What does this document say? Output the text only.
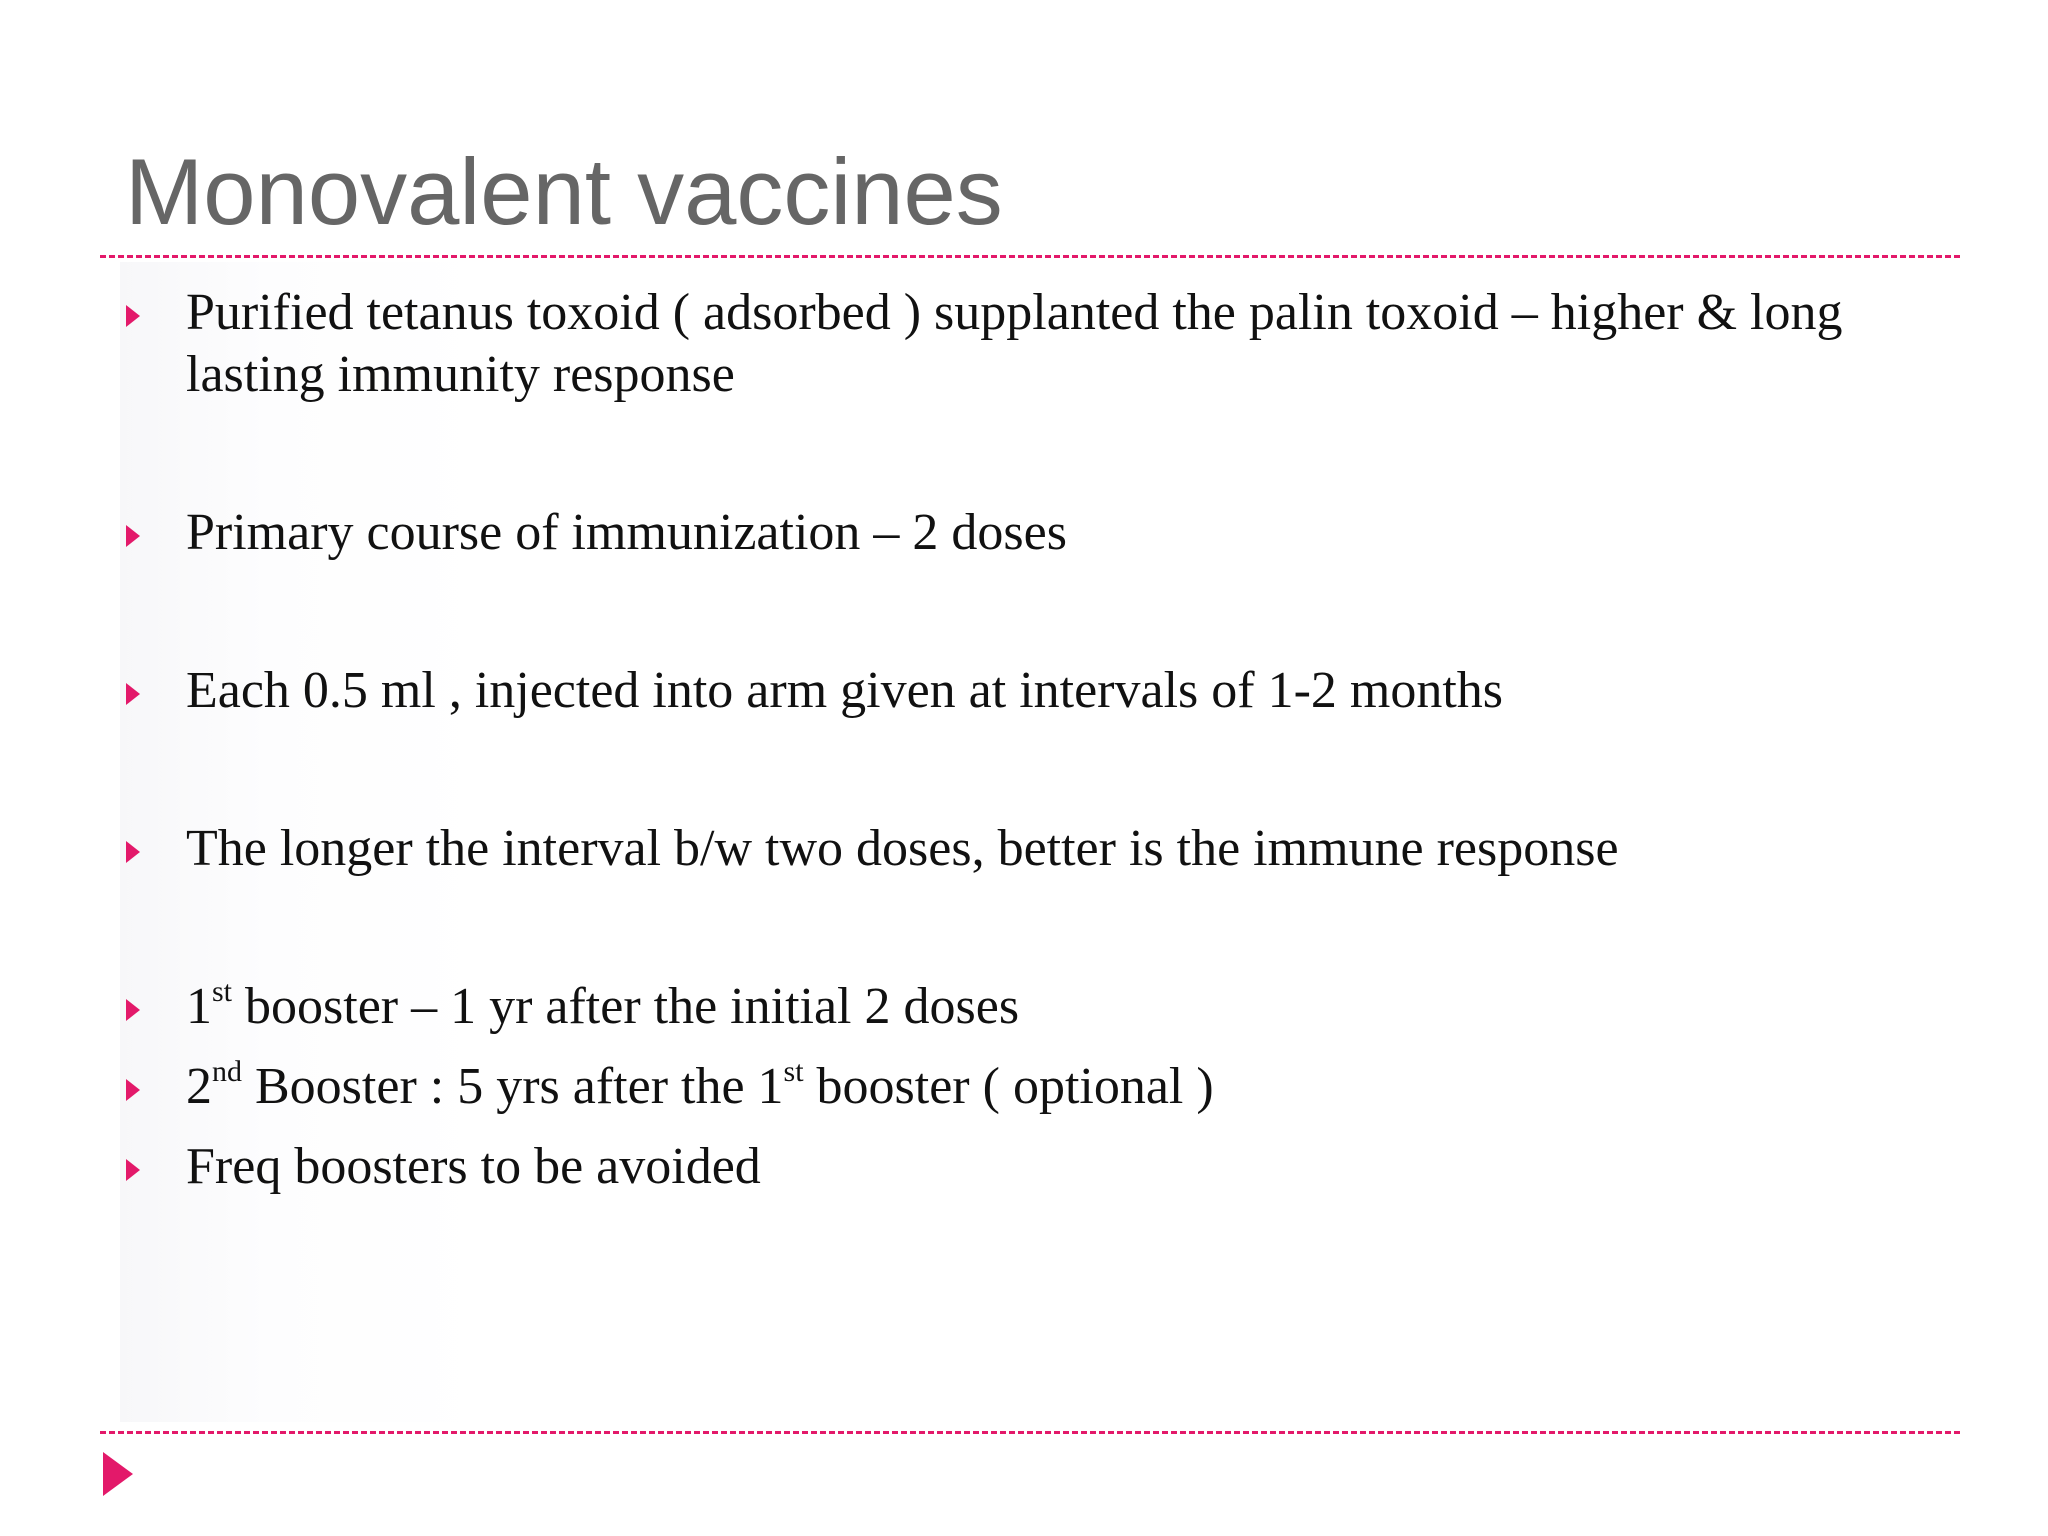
Monovalent vaccines
Purified tetanus toxoid ( adsorbed ) supplanted the palin toxoid – higher & long lasting immunity response
Primary course of immunization – 2 doses
Each 0.5 ml , injected into arm given at intervals of 1-2 months
The longer the interval b/w two doses, better is the immune response
1st booster – 1 yr after the initial 2 doses
2nd Booster : 5 yrs after the 1st booster ( optional )
Freq boosters to be avoided
